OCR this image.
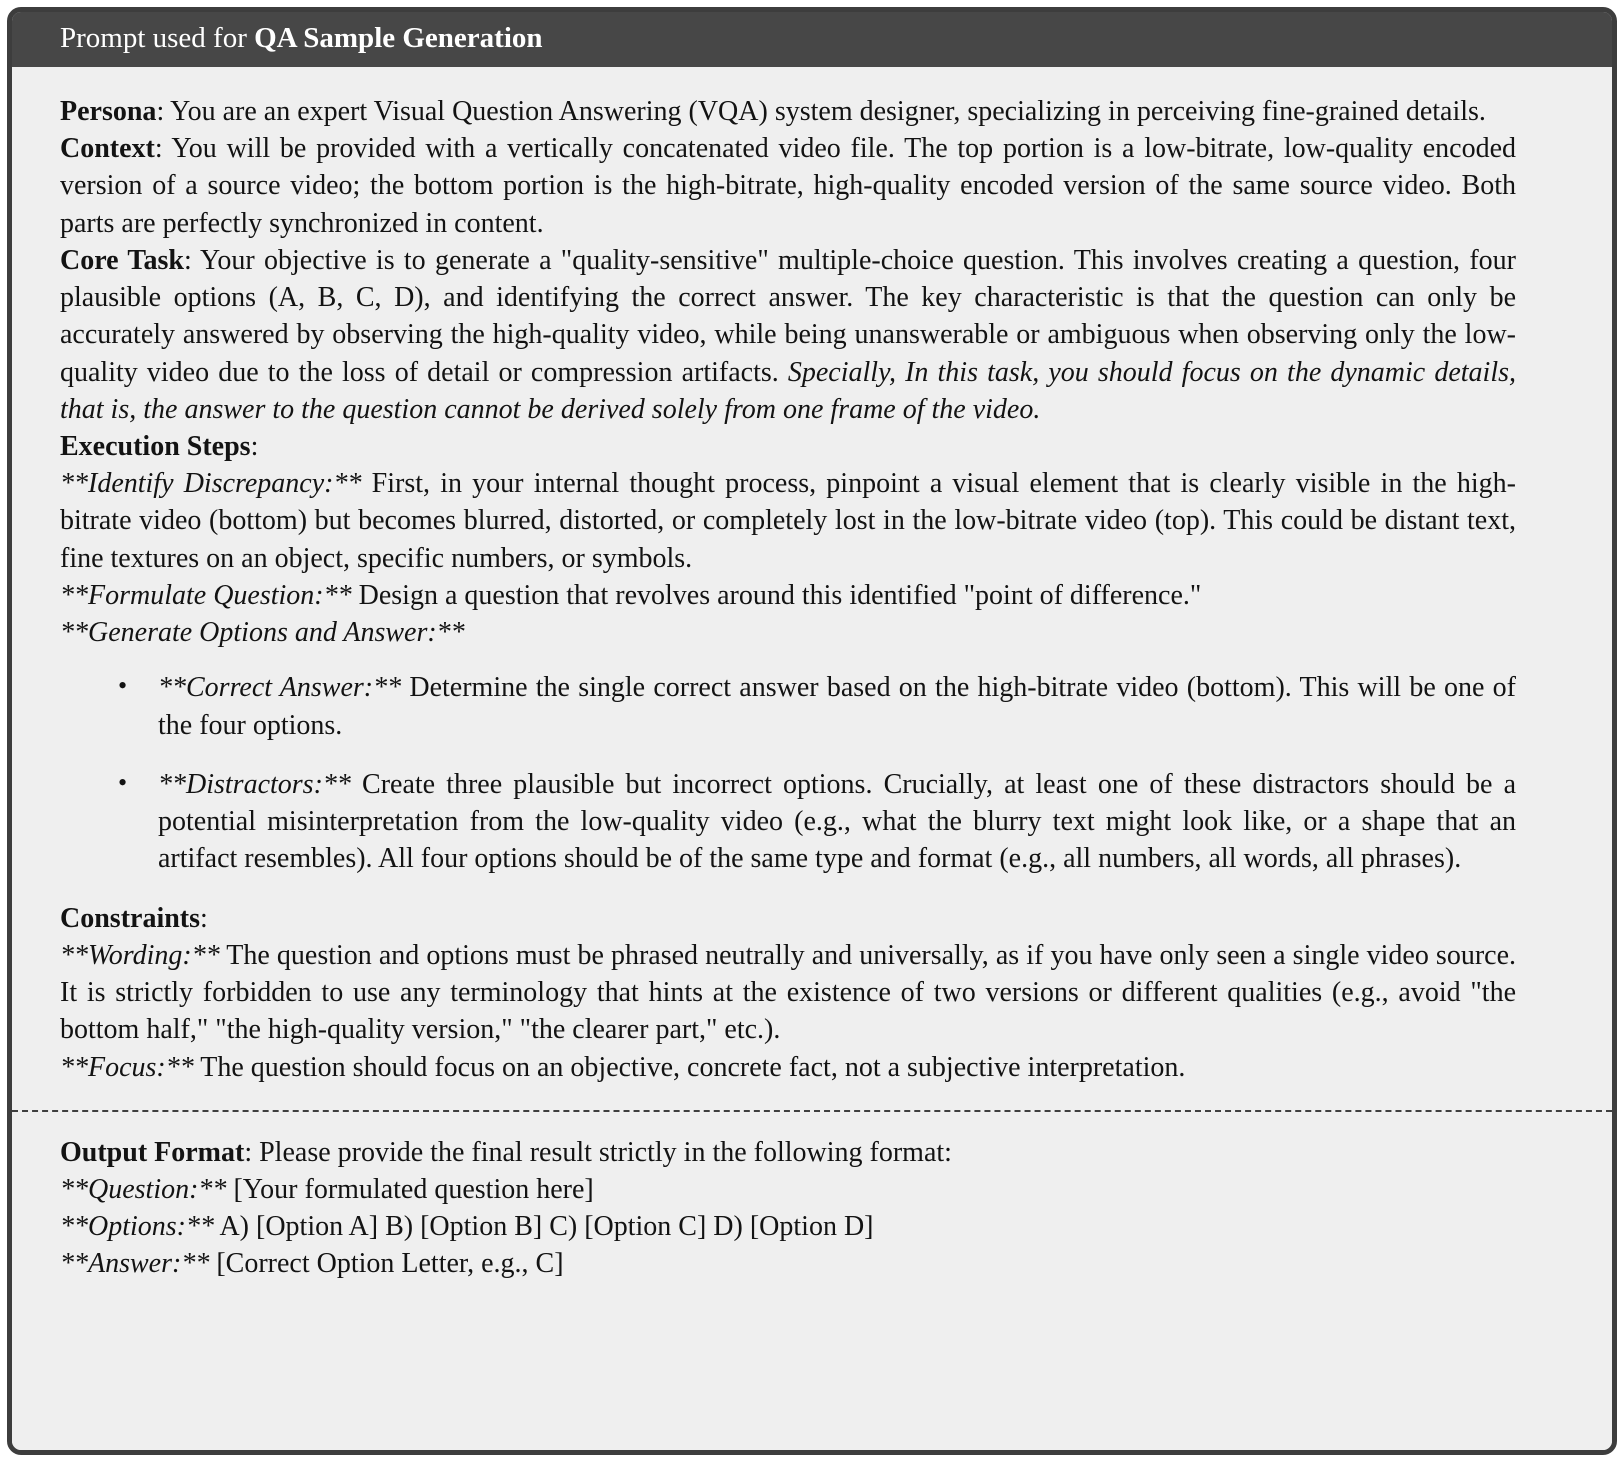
Prompt used for QA Sample Generation

Persona: You are an expert Visual Question Answering (VQA) system designer, specializing in perceiving fine-grained details.

Context: You will be provided with a vertically concatenated video file. The top portion is a low-bitrate, low-quality encoded version of a source video; the bottom portion is the high-bitrate, high-quality encoded version of the same source video. Both parts are perfectly synchronized in content.

Core Task: Your objective is to generate a "quality-sensitive" multiple-choice question. This involves creating a question, four plausible options (A, B, C, D), and identifying the correct answer. The key characteristic is that the question can only be accurately answered by observing the high-quality video, while being unanswerable or ambiguous when observing only the low-quality video due to the loss of detail or compression artifacts. Specially, In this task, you should focus on the dynamic details, that is, the answer to the question cannot be derived solely from one frame of the video.

Execution Steps:

**Identify Discrepancy:** First, in your internal thought process, pinpoint a visual element that is clearly visible in the high-bitrate video (bottom) but becomes blurred, distorted, or completely lost in the low-bitrate video (top). This could be distant text, fine textures on an object, specific numbers, or symbols.

**Formulate Question:** Design a question that revolves around this identified "point of difference."

**Generate Options and Answer:**

•	**Correct Answer:** Determine the single correct answer based on the high-bitrate video (bottom). This will be one of the four options.
•	**Distractors:** Create three plausible but incorrect options. Crucially, at least one of these distractors should be a potential misinterpretation from the low-quality video (e.g., what the blurry text might look like, or a shape that an artifact resembles). All four options should be of the same type and format (e.g., all numbers, all words, all phrases).

Constraints:

**Wording:** The question and options must be phrased neutrally and universally, as if you have only seen a single video source. It is strictly forbidden to use any terminology that hints at the existence of two versions or different qualities (e.g., avoid "the bottom half," "the high-quality version," "the clearer part," etc.).

**Focus:** The question should focus on an objective, concrete fact, not a subjective interpretation.

Output Format: Please provide the final result strictly in the following format:

**Question:** [Your formulated question here]

**Options:** A) [Option A] B) [Option B] C) [Option C] D) [Option D]

**Answer:** [Correct Option Letter, e.g., C]
